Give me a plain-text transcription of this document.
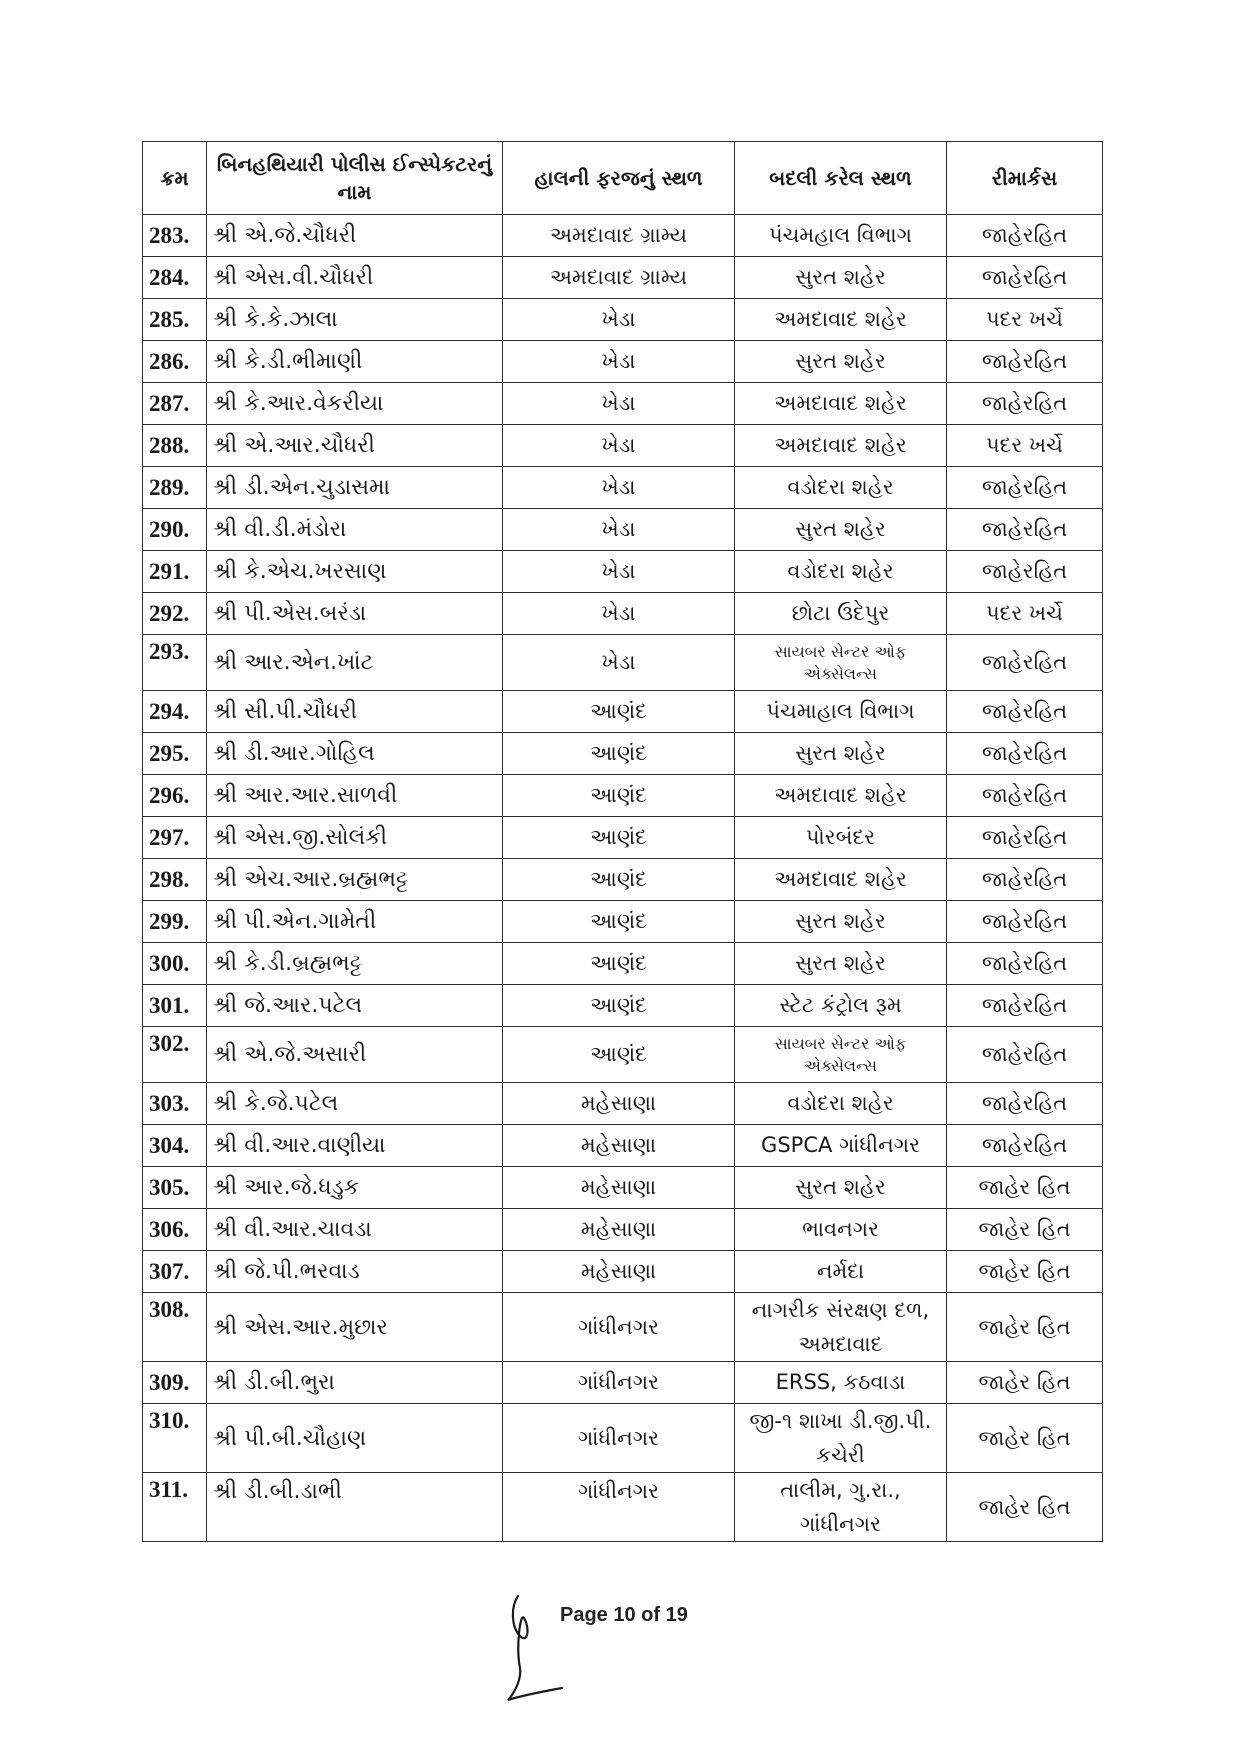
ક્રમ	બિનહથિયારી પોલીસ ઈન્સ્પેકટરનું નામ	હાલની ફરજનું સ્થળ	બદલી કરેલ સ્થળ	રીમાર્કસ
283.	શ્રી એ.જે.ચૌધરી	અમદાવાદ ગ્રામ્ય	પંચમહાલ વિભાગ	જાહેરહિત
284.	શ્રી એસ.વી.ચૌધરી	અમદાવાદ ગ્રામ્ય	સુરત શહેર	જાહેરહિત
285.	શ્રી કે.કે.ઝાલા	ખેડા	અમદાવાદ શહેર	પદર ખર્ચે
286.	શ્રી કે.ડી.ભીમાણી	ખેડા	સુરત શહેર	જાહેરહિત
287.	શ્રી કે.આર.વેકરીયા	ખેડા	અમદાવાદ શહેર	જાહેરહિત
288.	શ્રી એ.આર.ચૌધરી	ખેડા	અમદાવાદ શહેર	પદર ખર્ચે
289.	શ્રી ડી.એન.ચુડાસમા	ખેડા	વડોદરા શહેર	જાહેરહિત
290.	શ્રી વી.ડી.મંડોરા	ખેડા	સુરત શહેર	જાહેરહિત
291.	શ્રી કે.એચ.ખરસાણ	ખેડા	વડોદરા શહેર	જાહેરહિત
292.	શ્રી પી.એસ.બરંડા	ખેડા	છોટા ઉદેપુર	પદર ખર્ચે
293.	શ્રી આર.એન.ખાંટ	ખેડા	સાયબર સેન્ટર ઓફ એક્સેલન્સ	જાહેરહિત
294.	શ્રી સી.પી.ચૌધરી	આણંદ	પંચમાહાલ વિભાગ	જાહેરહિત
295.	શ્રી ડી.આર.ગોહિલ	આણંદ	સુરત શહેર	જાહેરહિત
296.	શ્રી આર.આર.સાળવી	આણંદ	અમદાવાદ શહેર	જાહેરહિત
297.	શ્રી એસ.જી.સોલંકી	આણંદ	પોરબંદર	જાહેરહિત
298.	શ્રી એચ.આર.બ્રહ્મભટ્ટ	આણંદ	અમદાવાદ શહેર	જાહેરહિત
299.	શ્રી પી.એન.ગામેતી	આણંદ	સુરત શહેર	જાહેરહિત
300.	શ્રી કે.ડી.બ્રહ્મભટ્ટ	આણંદ	સુરત શહેર	જાહેરહિત
301.	શ્રી જે.આર.પટેલ	આણંદ	સ્ટેટ કંટ્રોલ રૂમ	જાહેરહિત
302.	શ્રી એ.જે.અસારી	આણંદ	સાયબર સેન્ટર ઓફ એક્સેલન્સ	જાહેરહિત
303.	શ્રી કે.જે.પટેલ	મહેસાણા	વડોદરા શહેર	જાહેરહિત
304.	શ્રી વી.આર.વાણીયા	મહેસાણા	GSPCA ગાંધીનગર	જાહેરહિત
305.	શ્રી આર.જે.ધડુક	મહેસાણા	સુરત શહેર	જાહેર હિત
306.	શ્રી વી.આર.ચાવડા	મહેસાણા	ભાવનગર	જાહેર હિત
307.	શ્રી જે.પી.ભરવાડ	મહેસાણા	નર્મદા	જાહેર હિત
308.	શ્રી એસ.આર.મુછાર	ગાંધીનગર	નાગરીક સંરક્ષણ દળ, અમદાવાદ	જાહેર હિત
309.	શ્રી ડી.બી.ભુરા	ગાંધીનગર	ERSS, કઠવાડા	જાહેર હિત
310.	શ્રી પી.બી.ચૌહાણ	ગાંધીનગર	જી-૧ શાખા ડી.જી.પી. કચેરી	જાહેર હિત
311.	શ્રી ડી.બી.ડાભી	ગાંધીનગર	તાલીમ, ગુ.રા., ગાંધીનગર	જાહેર હિત
Page 10 of 19
